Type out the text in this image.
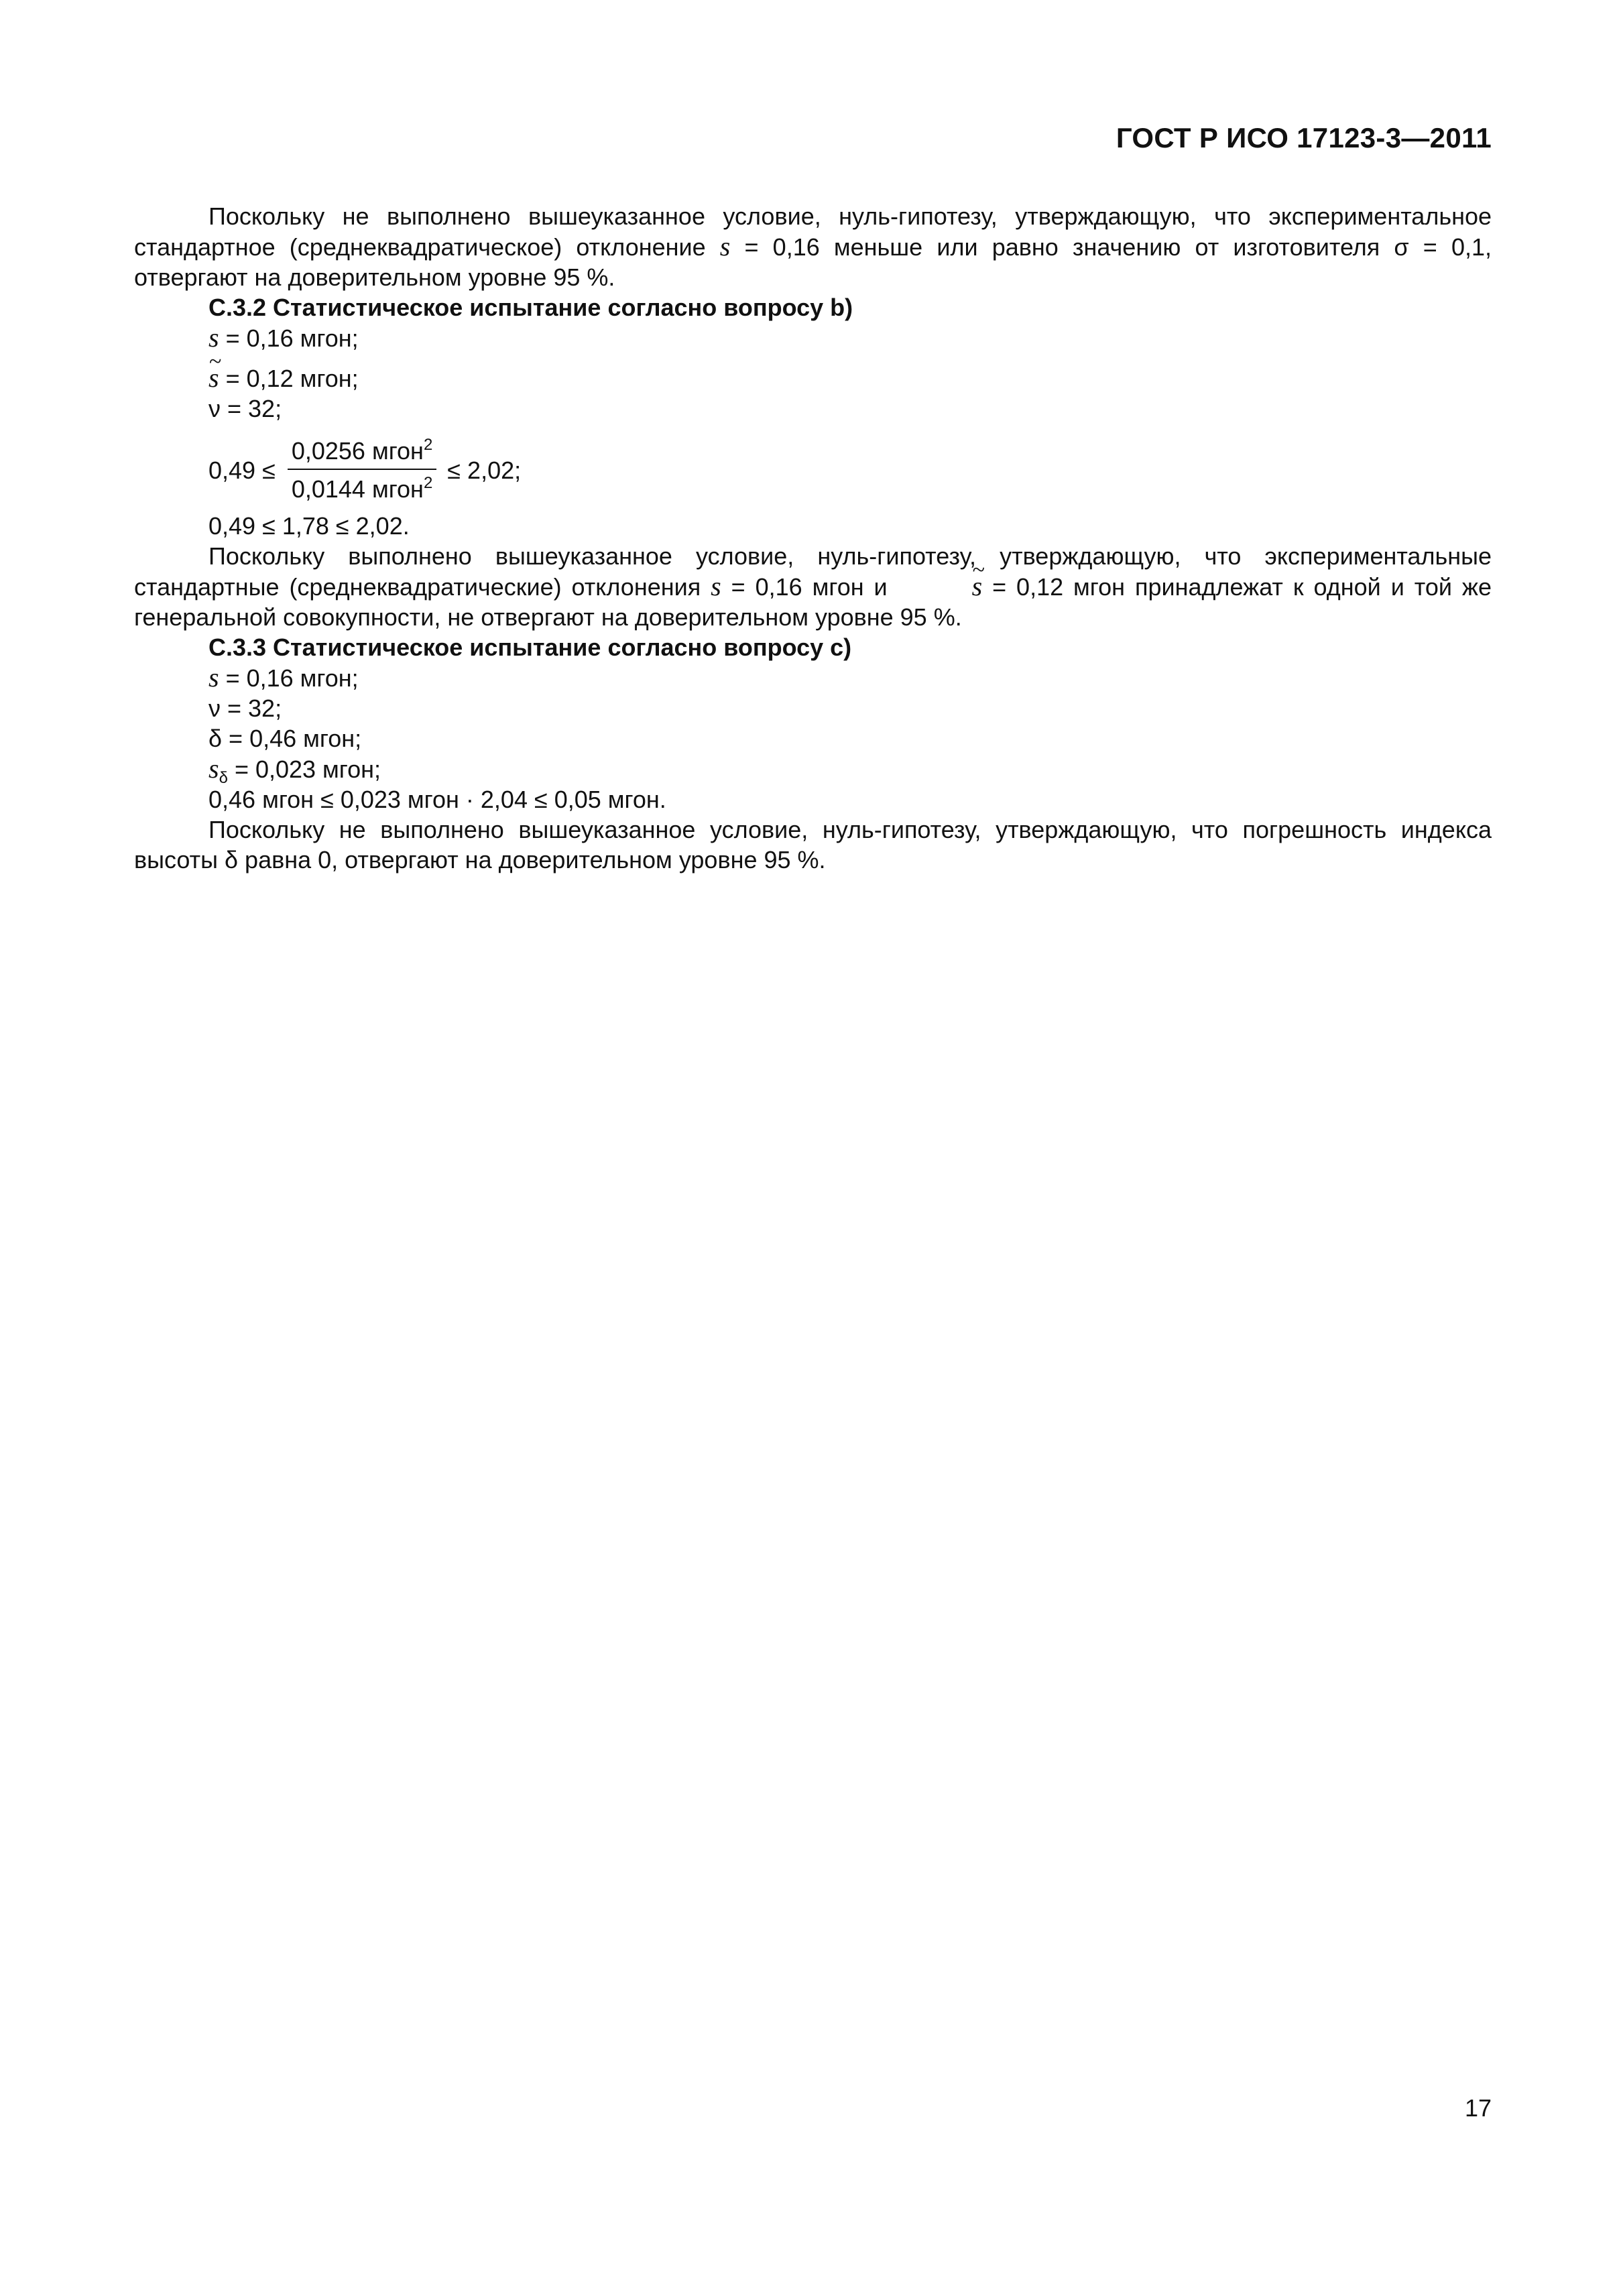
ГОСТ Р ИСО 17123-3—2011

Поскольку не выполнено вышеуказанное условие, нуль-гипотезу, утверждающую, что экспериментальное стандартное (среднеквадратическое) отклонение s = 0,16 меньше или равно значению от изготовителя σ = 0,1, отвергают на доверительном уровне 95 %.

C.3.2 Статистическое испытание согласно вопросу b)

s = 0,16 мгон;

~ s = 0,12 мгон;

ν = 32;

$0,49 \le \frac{0,0256 мгон^2}{0,0144 мгон^2} \le 2,02$;

0,49 ≤ 1,78 ≤ 2,02.

Поскольку выполнено вышеуказанное условие, нуль-гипотезу, утверждающую, что экспериментальные стандартные (среднеквадратические) отклонения s = 0,16 мгон и ~	s = 0,12 мгон принадлежат к одной и той же генеральной совокупности, не отвергают на доверительном уровне 95 %.

C.3.3 Статистическое испытание согласно вопросу c)

s = 0,16 мгон;

ν = 32;

δ = 0,46 мгон;

$s_\delta = 0,023$ мгон;

0,46 мгон ≤ 0,023 мгон · 2,04 ≤ 0,05 мгон.

Поскольку не выполнено вышеуказанное условие, нуль-гипотезу, утверждающую, что погрешность индекса высоты δ равна 0, отвергают на доверительном уровне 95 %.

17
